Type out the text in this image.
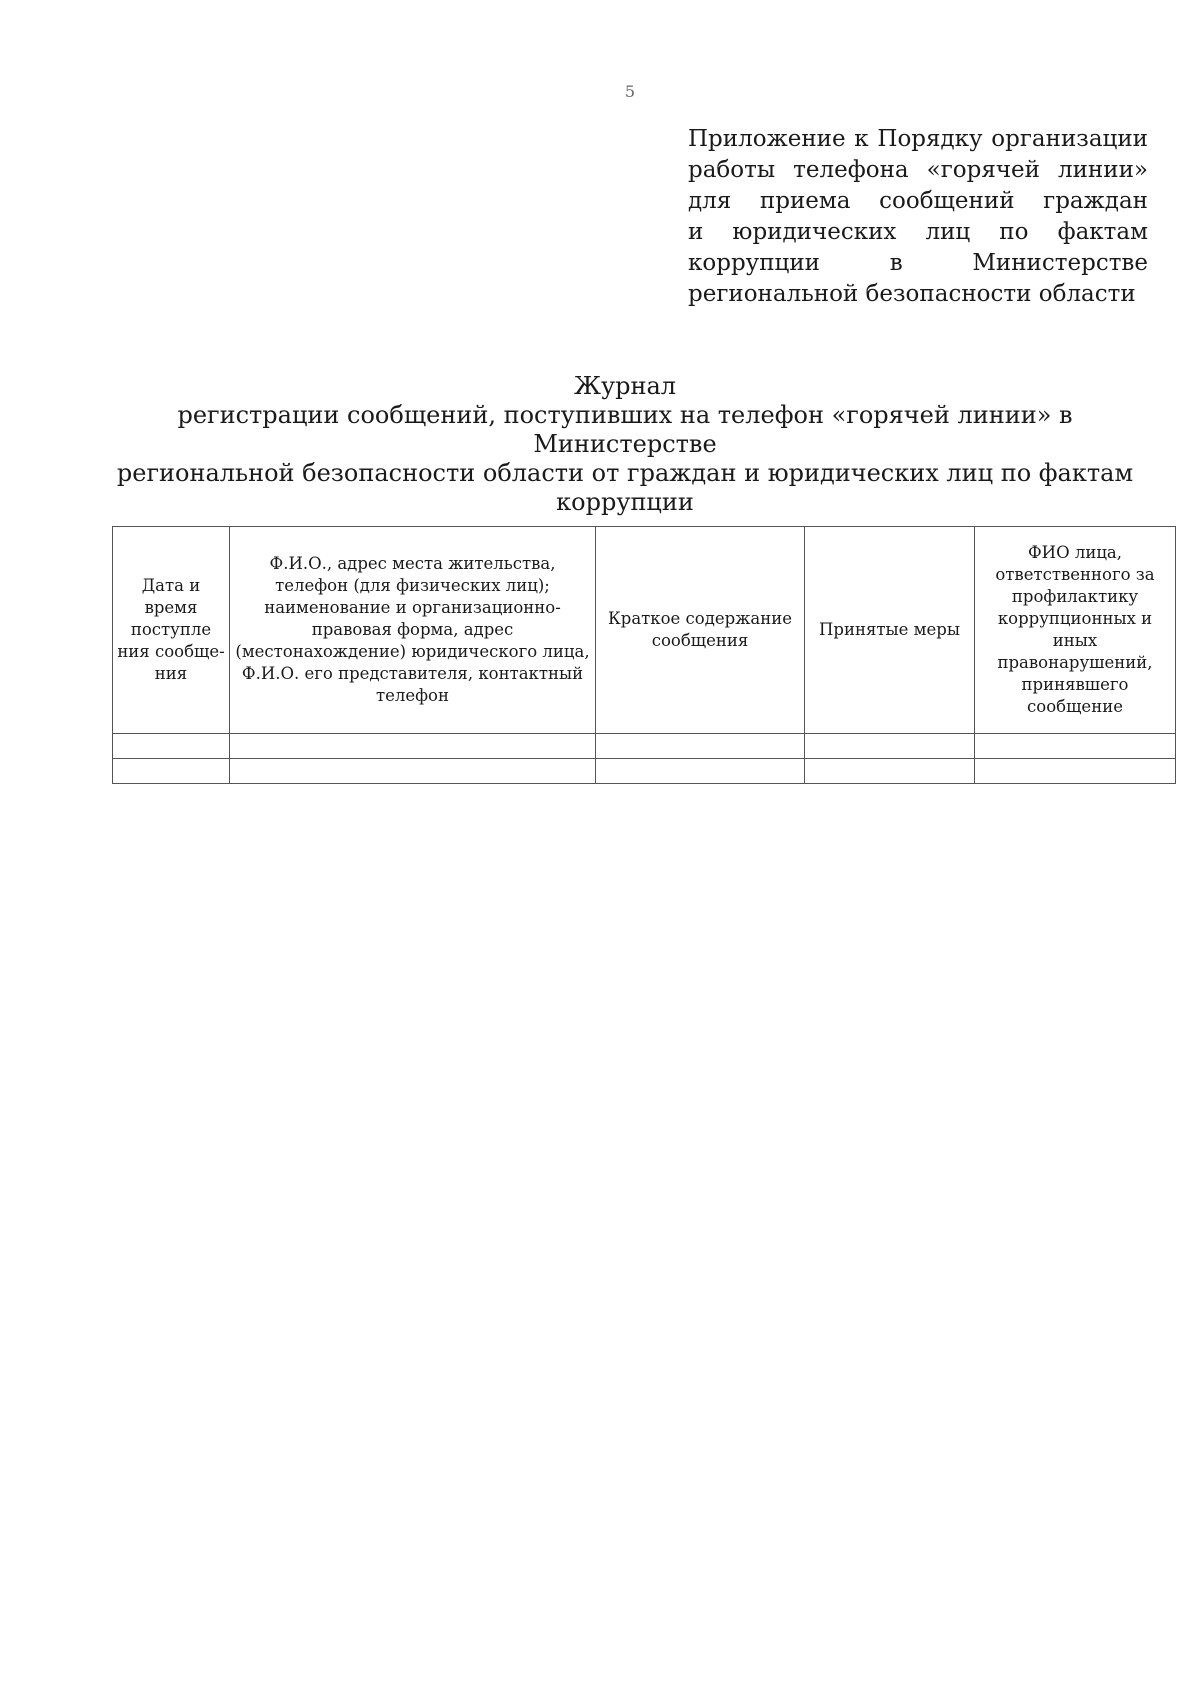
5
Приложение к Порядку организации
работы телефона «горячей линии»
для приема сообщений граждан
и юридических лиц по фактам
коррупции в Министерстве
региональной безопасности области
Журнал
регистрации сообщений, поступивших на телефон «горячей линии» в Министерстве
региональной безопасности области от граждан и юридических лиц по фактам
коррупции
Дата и время поступле ния сообще-ния	Ф.И.О., адрес места жительства, телефон (для физических лиц); наименование и организационно-правовая форма, адрес (местонахождение) юридического лица, Ф.И.О. его представителя, контактный телефон	Краткое содержание сообщения	Принятые меры	ФИО лица, ответственного за профилактику коррупционных и иных правонарушений, принявшего сообщение
